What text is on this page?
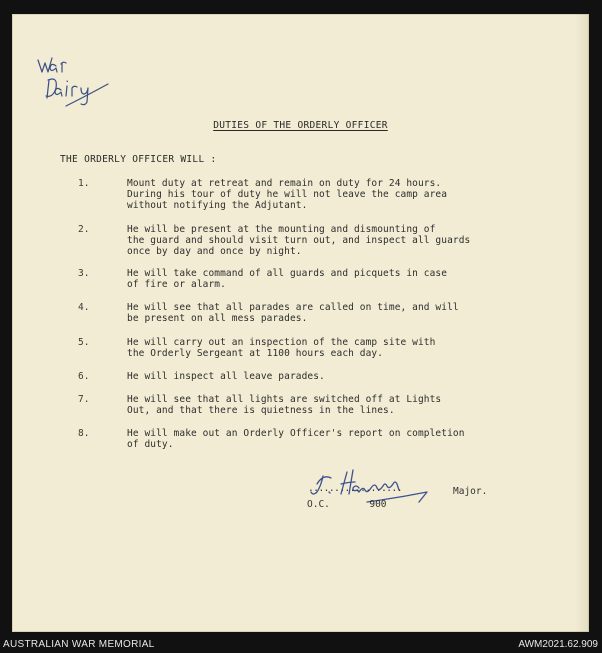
DUTIES OF THE ORDERLY OFFICER
THE ORDERLY OFFICER WILL :
1.	Mount duty at retreat and remain on duty for 24 hours.
During his tour of duty he will not leave the camp area
without notifying the Adjutant.
2.	He will be present at the mounting and dismounting of
the guard and should visit turn out, and inspect all guards
once by day and once by night.
3.	He will take command of all guards and picquets in case
of fire or alarm.
4.	He will see that all parades are called on time, and will
be present on all mess parades.
5.	He will carry out an inspection of the camp site with
the Orderly Sergeant at 1100 hours each day.
6.	He will inspect all leave parades.
7.	He will see that all lights are switched off at Lights
Out, and that there is quietness in the lines.
8.	He will make out an Orderly Officer's report on completion
of duty.
..................	Major.
O.C.	900
AUSTRALIAN WAR MEMORIAL	AWM2021.62.909
